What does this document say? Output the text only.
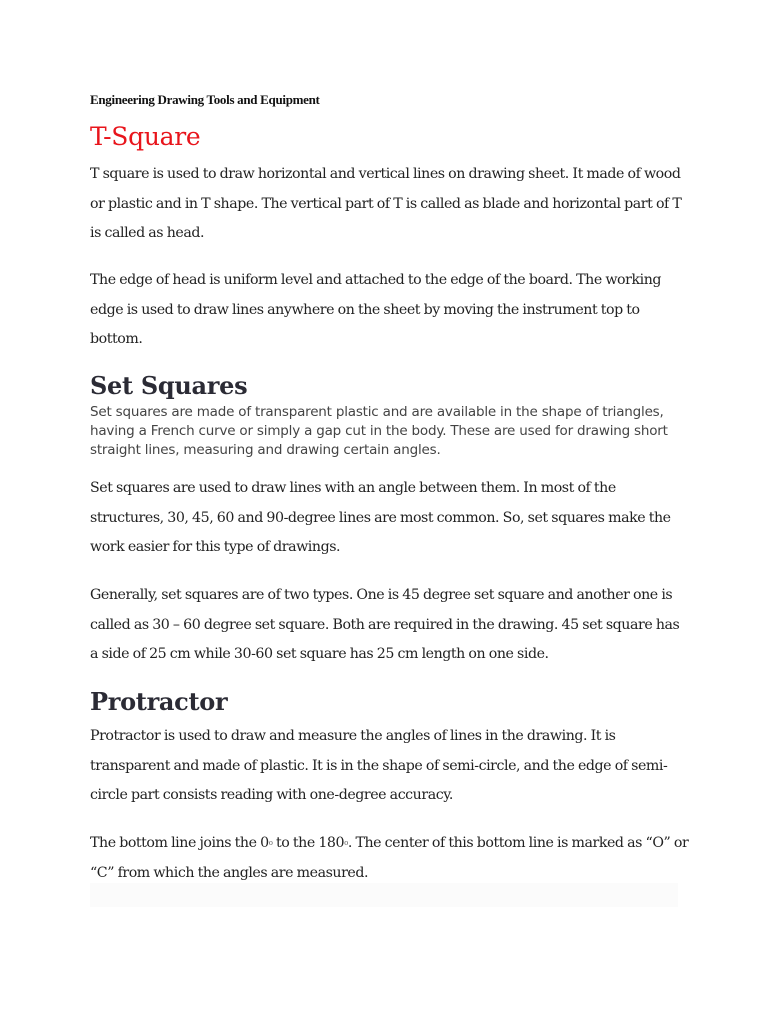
Engineering Drawing Tools and Equipment
T-Square

T square is used to draw horizontal and vertical lines on drawing sheet. It made of wood or plastic and in T shape. The vertical part of T is called as blade and horizontal part of T is called as head.

The edge of head is uniform level and attached to the edge of the board. The working edge is used to draw lines anywhere on the sheet by moving the instrument top to bottom.

Set Squares

Set squares are made of transparent plastic and are available in the shape of triangles, having a French curve or simply a gap cut in the body. These are used for drawing short straight lines, measuring and drawing certain angles.

Set squares are used to draw lines with an angle between them. In most of the structures, 30, 45, 60 and 90-degree lines are most common. So, set squares make the work easier for this type of drawings.

Generally, set squares are of two types. One is 45 degree set square and another one is called as 30 – 60 degree set square. Both are required in the drawing. 45 set square has a side of 25 cm while 30-60 set square has 25 cm length on one side.

Protractor

Protractor is used to draw and measure the angles of lines in the drawing. It is transparent and made of plastic. It is in the shape of semi-circle, and the edge of semi-circle part consists reading with one-degree accuracy.

The bottom line joins the 0$^o$ to the 180$^o$. The center of this bottom line is marked as “O” or “C” from which the angles are measured.
